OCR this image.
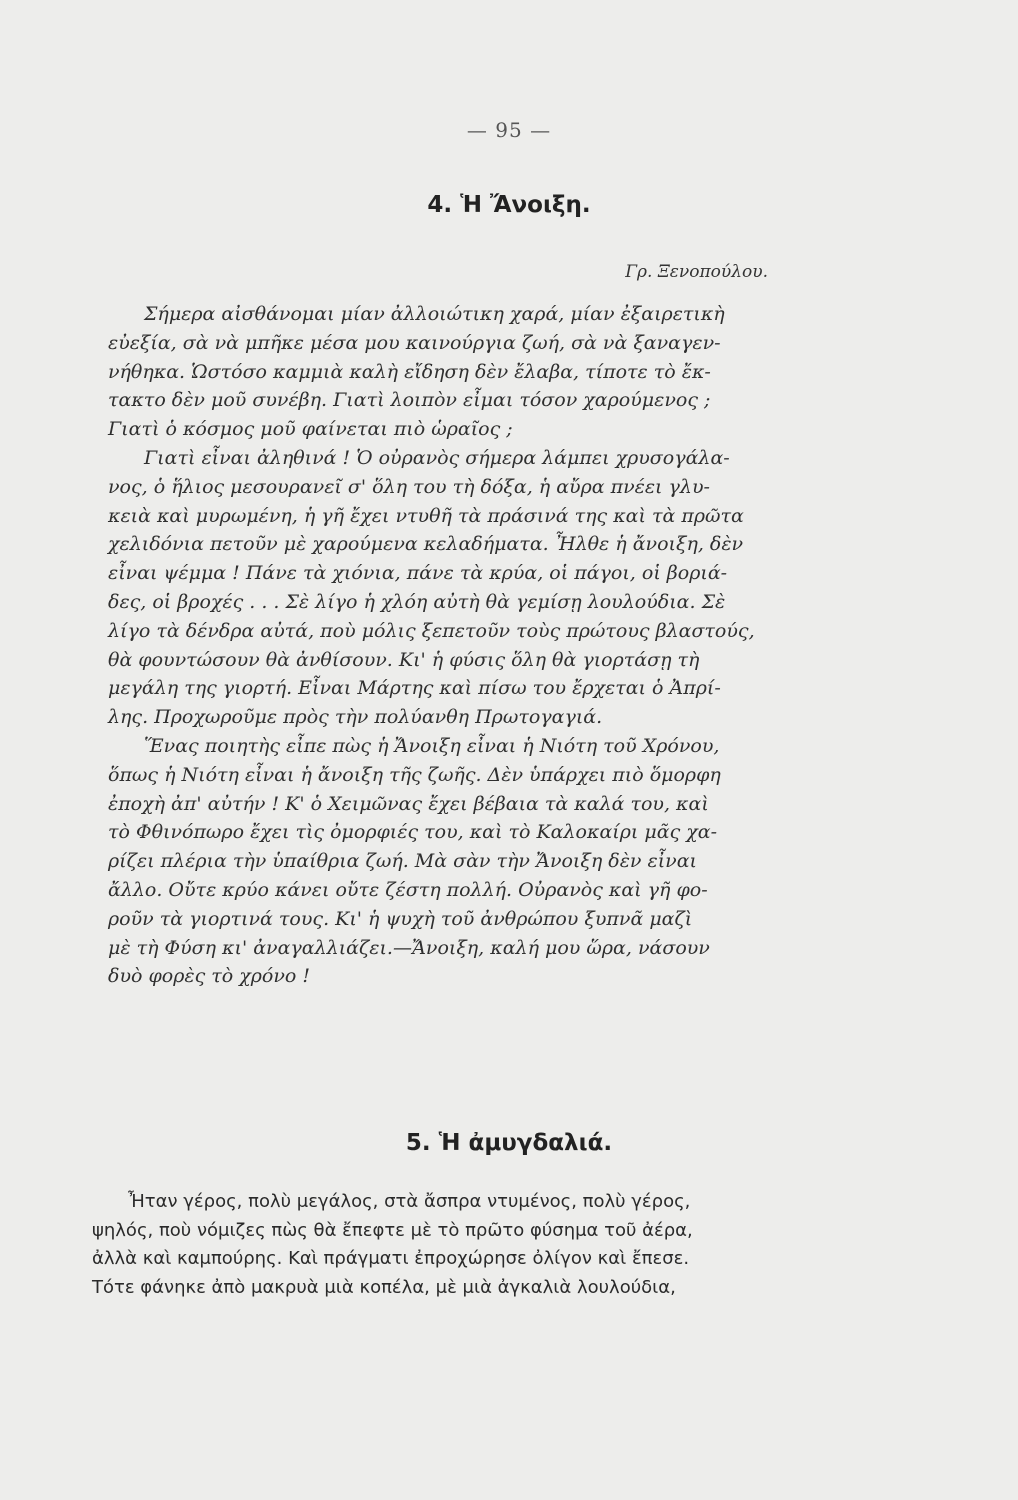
— 95 —
4. Ἡ Ἄνοιξη.
Γρ. Ξενοπούλου.
Σήμερα αἰσθάνομαι μίαν ἀλλοιώτικη χαρά, μίαν ἐξαιρετικὴ
εὐεξία, σὰ νὰ μπῆκε μέσα μου καινούργια ζωή, σὰ νὰ ξαναγεν-
νήθηκα. Ὡστόσο καμμιὰ καλὴ εἴδηση δὲν ἔλαβα, τίποτε τὸ ἔκ-
τακτο δὲν μοῦ συνέβη. Γιατὶ λοιπὸν εἶμαι τόσον χαρούμενος ;
Γιατὶ ὁ κόσμος μοῦ φαίνεται πιὸ ὡραῖος ;
Γιατὶ εἶναι ἀληθινά ! Ὁ οὐρανὸς σήμερα λάμπει χρυσογάλα-
νος, ὁ ἥλιος μεσουρανεῖ σ' ὅλη του τὴ δόξα, ἡ αὔρα πνέει γλυ-
κειὰ καὶ μυρωμένη, ἡ γῆ ἔχει ντυθῆ τὰ πράσινά της καὶ τὰ πρῶτα
χελιδόνια πετοῦν μὲ χαρούμενα κελαδήματα. Ἦλθε ἡ ἄνοιξη, δὲν
εἶναι ψέμμα ! Πάνε τὰ χιόνια, πάνε τὰ κρύα, οἱ πάγοι, οἱ βοριά-
δες, οἱ βροχές . . . Σὲ λίγο ἡ χλόη αὐτὴ θὰ γεμίσῃ λουλούδια. Σὲ
λίγο τὰ δένδρα αὐτά, ποὺ μόλις ξεπετοῦν τοὺς πρώτους βλαστούς,
θὰ φουντώσουν θὰ ἀνθίσουν. Κι' ἡ φύσις ὅλη θὰ γιορτάσῃ τὴ
μεγάλη της γιορτή. Εἶναι Μάρτης καὶ πίσω του ἔρχεται ὁ Ἀπρί-
λης. Προχωροῦμε πρὸς τὴν πολύανθη Πρωτογαγιά.
Ἕνας ποιητὴς εἶπε πὼς ἡ Ἄνοιξη εἶναι ἡ Νιότη τοῦ Χρόνου,
ὅπως ἡ Νιότη εἶναι ἡ ἄνοιξη τῆς ζωῆς. Δὲν ὑπάρχει πιὸ ὅμορφη
ἐποχὴ ἀπ' αὐτήν ! Κ' ὁ Χειμῶνας ἔχει βέβαια τὰ καλά του, καὶ
τὸ Φθινόπωρο ἔχει τὶς ὀμορφιές του, καὶ τὸ Καλοκαίρι μᾶς χα-
ρίζει πλέρια τὴν ὑπαίθρια ζωή. Μὰ σὰν τὴν Ἄνοιξη δὲν εἶναι
ἄλλο. Οὔτε κρύο κάνει οὔτε ζέστη πολλή. Οὐρανὸς καὶ γῆ φο-
ροῦν τὰ γιορτινά τους. Κι' ἡ ψυχὴ τοῦ ἀνθρώπου ξυπνᾶ μαζὶ
μὲ τὴ Φύση κι' ἀναγαλλιάζει.—Ἄνοιξη, καλή μου ὥρα, νάσουν
δυὸ φορὲς τὸ χρόνο !
5. Ἡ ἀμυγδαλιά.
Ἦταν γέρος, πολὺ μεγάλος, στὰ ἄσπρα ντυμένος, πολὺ γέρος,
ψηλός, ποὺ νόμιζες πὼς θὰ ἔπεφτε μὲ τὸ πρῶτο φύσημα τοῦ ἀέρα,
ἀλλὰ καὶ καμπούρης. Καὶ πράγματι ἐπροχώρησε ὀλίγον καὶ ἔπεσε.
Τότε φάνηκε ἀπὸ μακρυὰ μιὰ κοπέλα, μὲ μιὰ ἀγκαλιὰ λουλούδια,
